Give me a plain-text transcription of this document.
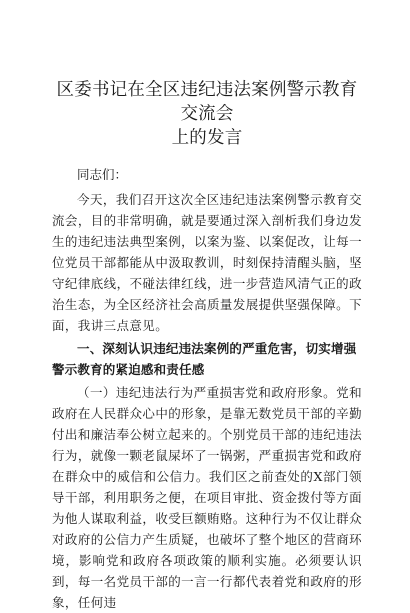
区委书记在全区违纪违法案例警示教育交流会
上的发言

同志们：

今天，我们召开这次全区违纪违法案例警示教育交流会，目的非常明确，就是要通过深入剖析我们身边发生的违纪违法典型案例，以案为鉴、以案促改，让每一位党员干部都能从中汲取教训，时刻保持清醒头脑，坚守纪律底线，不碰法律红线，进一步营造风清气正的政治生态，为全区经济社会高质量发展提供坚强保障。下面，我讲三点意见。

一、深刻认识违纪违法案例的严重危害，切实增强警示教育的紧迫感和责任感

（一）违纪违法行为严重损害党和政府形象。党和政府在人民群众心中的形象，是靠无数党员干部的辛勤付出和廉洁奉公树立起来的。个别党员干部的违纪违法行为，就像一颗老鼠屎坏了一锅粥，严重损害党和政府在群众中的威信和公信力。我们区之前查处的X部门领导干部，利用职务之便，在项目审批、资金拨付等方面为他人谋取利益，收受巨额贿赂。这种行为不仅让群众对政府的公信力产生质疑，也破坏了整个地区的营商环境，影响党和政府各项政策的顺利实施。必须要认识到，每一名党员干部的一言一行都代表着党和政府的形象，任何违
